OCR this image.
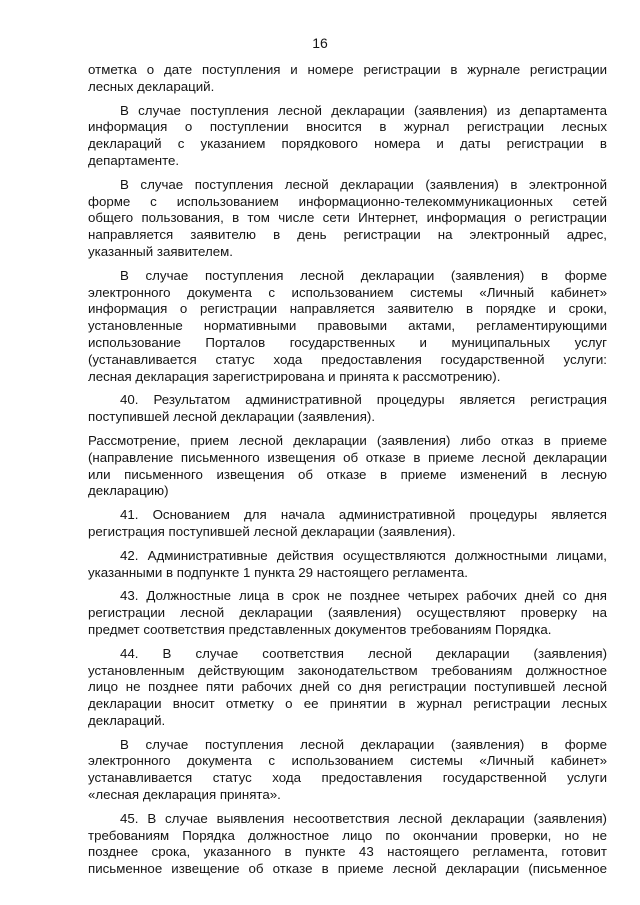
16
отметка о дате поступления и номере регистрации в журнале регистрации
лесных деклараций.
В случае поступления лесной декларации (заявления) из департамента
информация о поступлении вносится в журнал регистрации лесных
деклараций с указанием порядкового номера и даты регистрации в
департаменте.
В случае поступления лесной декларации (заявления) в электронной
форме с использованием информационно-телекоммуникационных сетей
общего пользования, в том числе сети Интернет, информация о регистрации
направляется заявителю в день регистрации на электронный адрес,
указанный заявителем.
В случае поступления лесной декларации (заявления) в форме
электронного документа с использованием системы «Личный кабинет»
информация о регистрации направляется заявителю в порядке и сроки,
установленные нормативными правовыми актами, регламентирующими
использование Порталов государственных и муниципальных услуг
(устанавливается статус хода предоставления государственной услуги:
лесная декларация зарегистрирована и принята к рассмотрению).
40. Результатом административной процедуры является регистрация
поступившей лесной декларации (заявления).
Рассмотрение, прием лесной декларации (заявления) либо отказ в приеме
(направление письменного извещения об отказе в приеме лесной декларации
или письменного извещения об отказе в приеме изменений в лесную
декларацию)
41. Основанием для начала административной процедуры является
регистрация поступившей лесной декларации (заявления).
42. Административные действия осуществляются должностными лицами,
указанными в подпункте 1 пункта 29 настоящего регламента.
43. Должностные лица в срок не позднее четырех рабочих дней со дня
регистрации лесной декларации (заявления) осуществляют проверку на
предмет соответствия представленных документов требованиям Порядка.
44. В случае соответствия лесной декларации (заявления)
установленным действующим законодательством требованиям должностное
лицо не позднее пяти рабочих дней со дня регистрации поступившей лесной
декларации вносит отметку о ее принятии в журнал регистрации лесных
деклараций.
В случае поступления лесной декларации (заявления) в форме
электронного документа с использованием системы «Личный кабинет»
устанавливается статус хода предоставления государственной услуги
«лесная декларация принята».
45. В случае выявления несоответствия лесной декларации (заявления)
требованиям Порядка должностное лицо по окончании проверки, но не
позднее срока, указанного в пункте 43 настоящего регламента, готовит
письменное извещение об отказе в приеме лесной декларации (письменное
